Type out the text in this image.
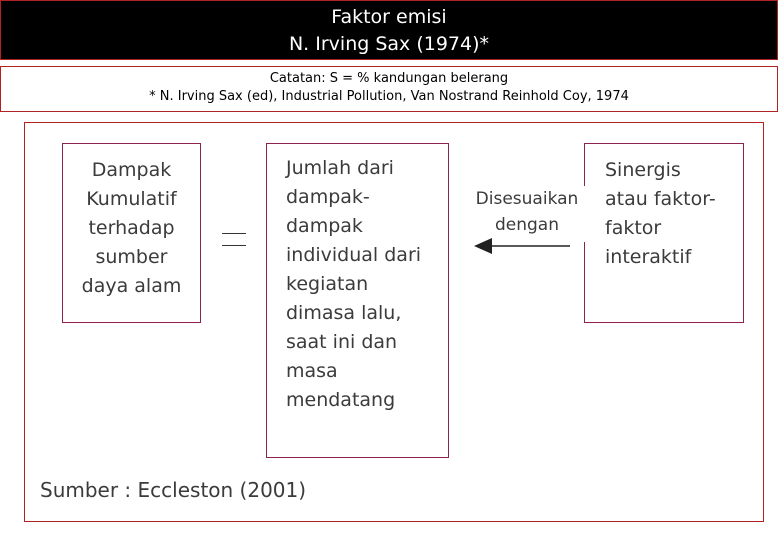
Faktor emisi
N. Irving Sax (1974)*
Catatan: S = % kandungan belerang
* N. Irving Sax (ed), Industrial Pollution, Van Nostrand Reinhold Coy, 1974
Dampak
Kumulatif
terhadap
sumber
daya alam
Jumlah dari
dampak-
dampak
individual dari
kegiatan
dimasa lalu,
saat ini dan
masa
mendatang
Sinergis
atau faktor-
faktor
interaktif
Disesuaikan
dengan
Sumber : Eccleston (2001)
